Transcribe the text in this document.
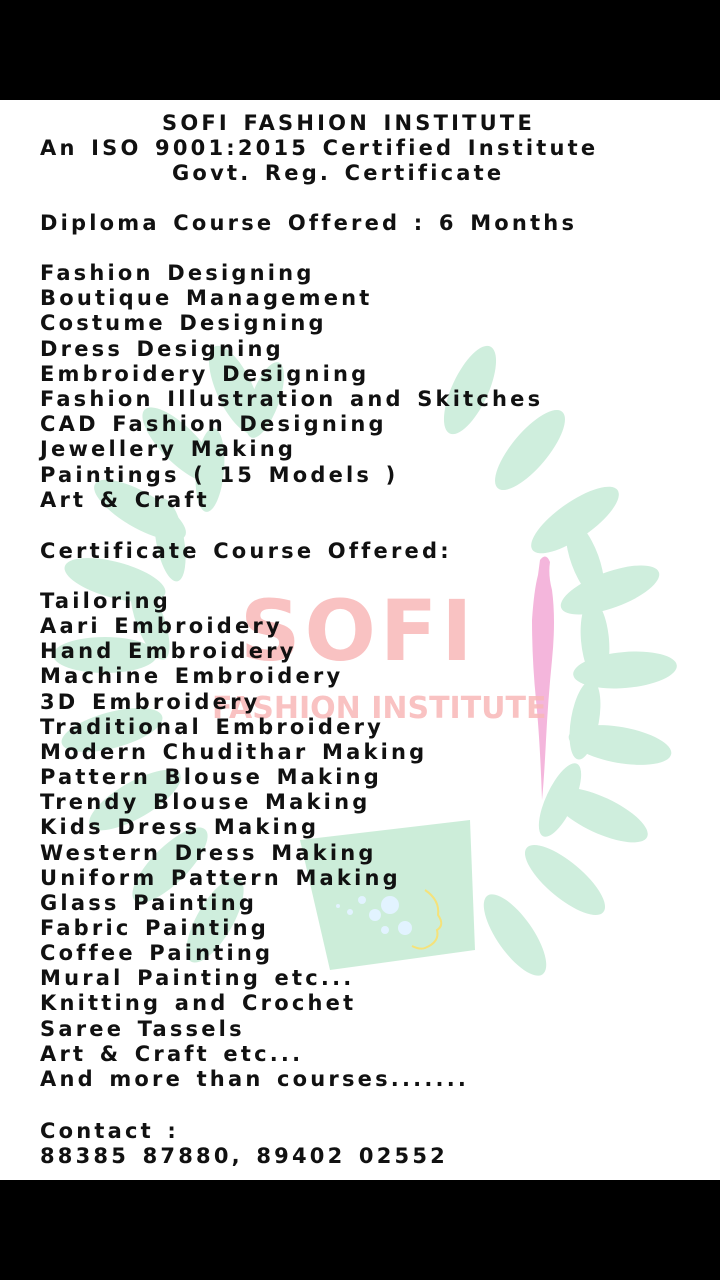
SOFI
FASHION INSTITUTE
SOFI FASHION INSTITUTE
An ISO 9001:2015 Certified Institute
Govt. Reg. Certificate
Diploma Course Offered : 6 Months
Fashion Designing
Boutique Management
Costume Designing
Dress Designing
Embroidery Designing
Fashion Illustration and Skitches
CAD Fashion Designing
Jewellery Making
Paintings ( 15 Models )
Art & Craft
Certificate Course Offered:
Tailoring
Aari Embroidery
Hand Embroidery
Machine Embroidery
3D Embroidery
Traditional Embroidery
Modern Chudithar Making
Pattern Blouse Making
Trendy Blouse Making
Kids Dress Making
Western Dress Making
Uniform Pattern Making
Glass Painting
Fabric Painting
Coffee Painting
Mural Painting etc...
Knitting and Crochet
Saree Tassels
Art & Craft etc...
And more than courses.......
Contact :
88385 87880, 89402 02552
